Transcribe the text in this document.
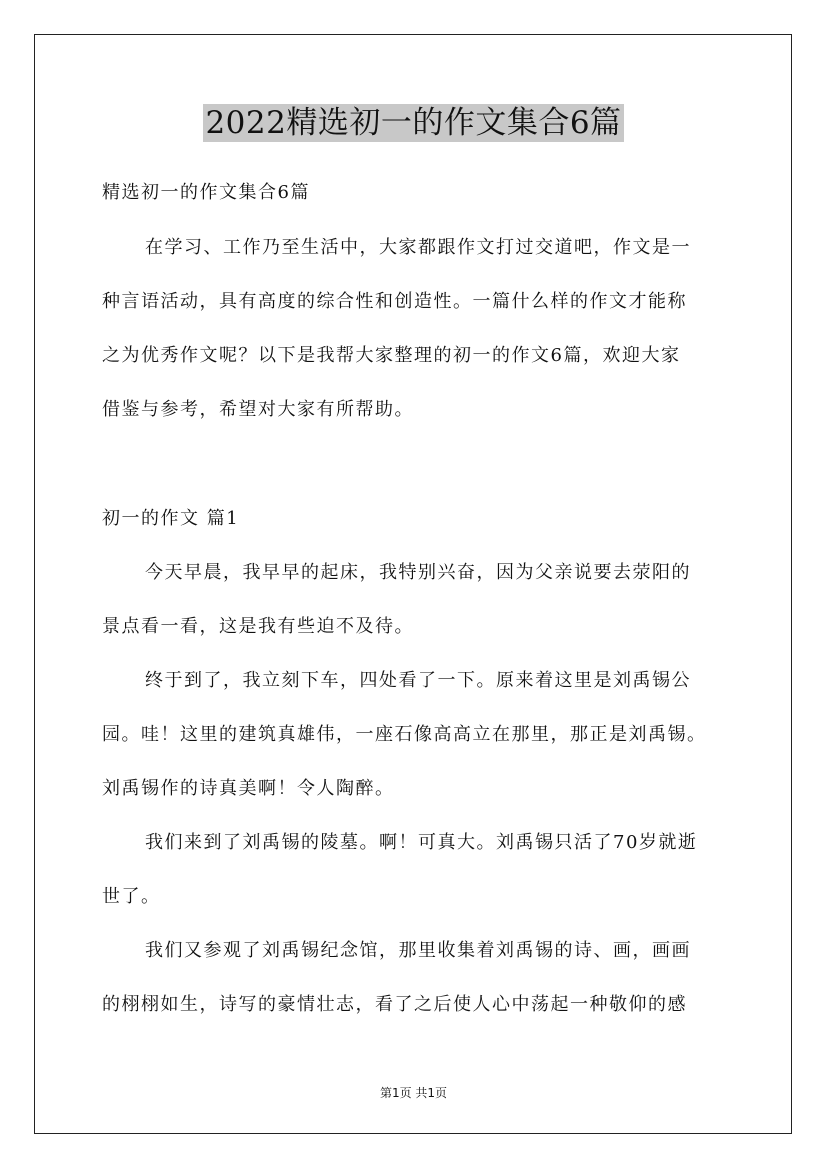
2022精选初一的作文集合6篇
精选初一的作文集合6篇
在学习、工作乃至生活中，大家都跟作文打过交道吧，作文是一
种言语活动，具有高度的综合性和创造性。一篇什么样的作文才能称
之为优秀作文呢？以下是我帮大家整理的初一的作文6篇，欢迎大家
借鉴与参考，希望对大家有所帮助。
初一的作文 篇1
今天早晨，我早早的起床，我特别兴奋，因为父亲说要去荥阳的
景点看一看，这是我有些迫不及待。
终于到了，我立刻下车，四处看了一下。原来着这里是刘禹锡公
园。哇！这里的建筑真雄伟，一座石像高高立在那里，那正是刘禹锡。
刘禹锡作的诗真美啊！令人陶醉。
我们来到了刘禹锡的陵墓。啊！可真大。刘禹锡只活了70岁就逝
世了。
我们又参观了刘禹锡纪念馆，那里收集着刘禹锡的诗、画，画画
的栩栩如生，诗写的豪情壮志，看了之后使人心中荡起一种敬仰的感
第1页 共1页
